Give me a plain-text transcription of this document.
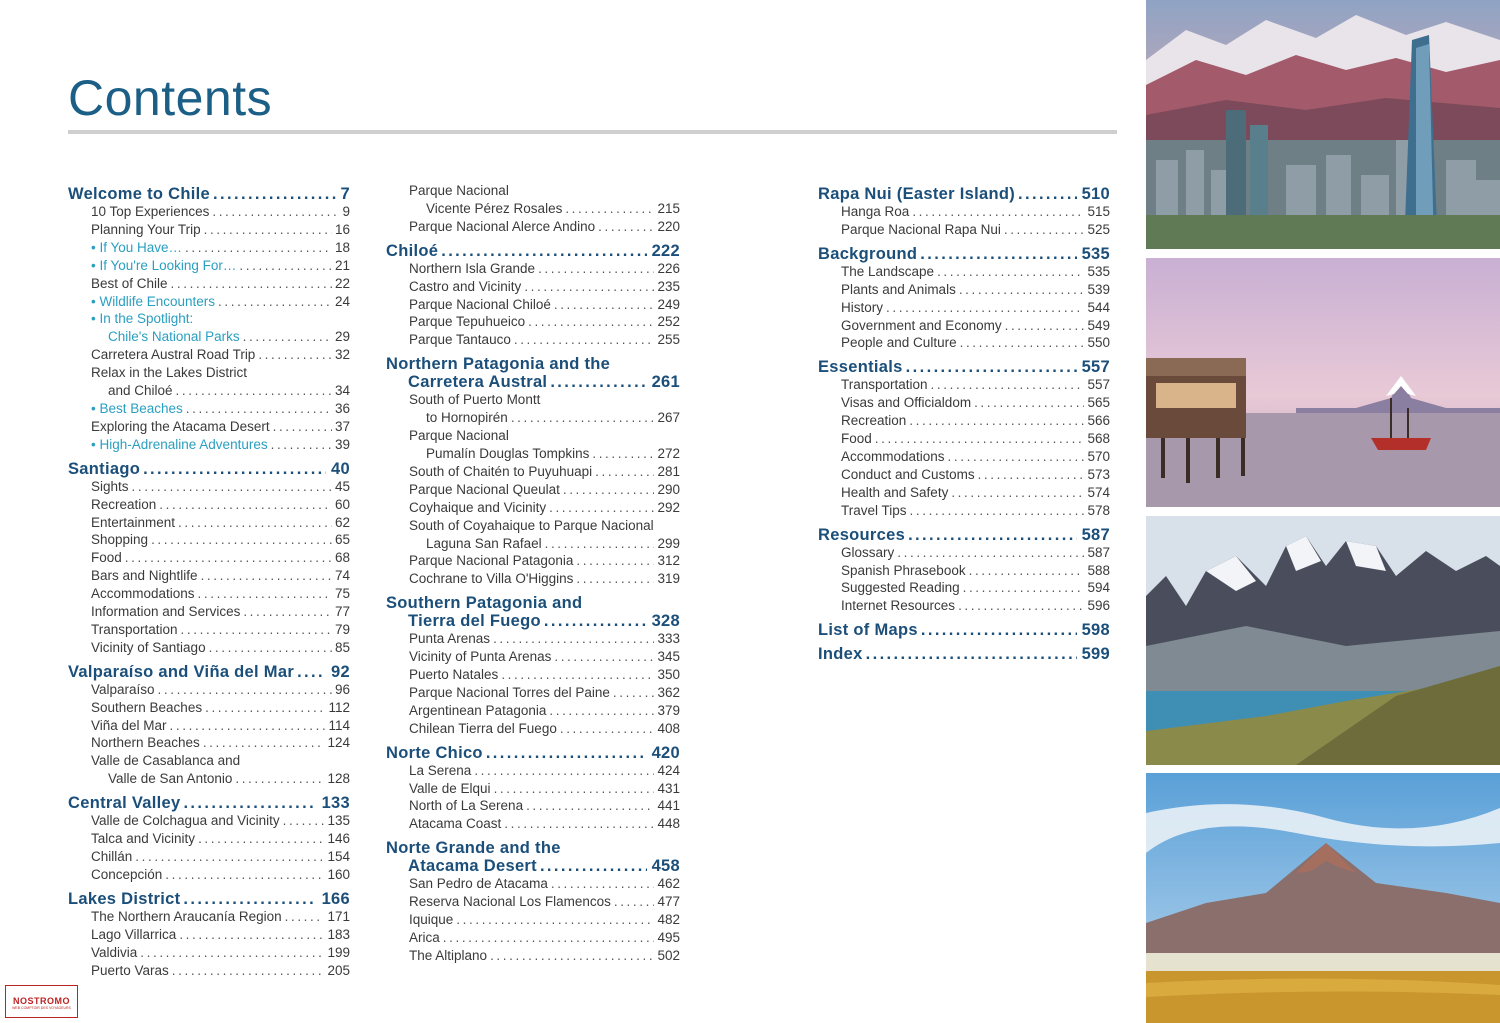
Contents
Welcome to Chile .....	7
10 Top Experiences .....	9
Planning Your Trip .....	16
• If You Have… .....	18
• If You're Looking For… .....	21
Best of Chile .....	22
• Wildlife Encounters .....	24
• In the Spotlight:
Chile's National Parks .....	29
Carretera Austral Road Trip .....	32
Relax in the Lakes District
and Chiloé .....	34
• Best Beaches .....	36
Exploring the Atacama Desert .....	37
• High-Adrenaline Adventures .....	39
Santiago .....	40
Sights .....	45
Recreation .....	60
Entertainment .....	62
Shopping .....	65
Food .....	68
Bars and Nightlife .....	74
Accommodations .....	75
Information and Services .....	77
Transportation .....	79
Vicinity of Santiago .....	85
Valparaíso and Viña del Mar ..... 92
Valparaíso .....	96
Southern Beaches .....	112
Viña del Mar .....	114
Northern Beaches .....	124
Valle de Casablanca and
Valle de San Antonio .....	128
Central Valley .....	133
Valle de Colchagua and Vicinity .....	135
Talca and Vicinity .....	146
Chillán .....	154
Concepción .....	160
Lakes District .....	166
The Northern Araucanía Region .....	171
Lago Villarrica .....	183
Valdivia .....	199
Puerto Varas .....	205
Parque Nacional
Vicente Pérez Rosales .....	215
Parque Nacional Alerce Andino .....	220
Chiloé .....	222
Northern Isla Grande .....	226
Castro and Vicinity .....	235
Parque Nacional Chiloé .....	249
Parque Tepuhueico .....	252
Parque Tantauco .....	255
Northern Patagonia and the
Carretera Austral .....	261
South of Puerto Montt
to Hornopirén .....	267
Parque Nacional
Pumalín Douglas Tompkins .....	272
South of Chaitén to Puyuhuapi .....	281
Parque Nacional Queulat .....	290
Coyhaique and Vicinity .....	292
South of Coyahaique to Parque Nacional
Laguna San Rafael .....	299
Parque Nacional Patagonia .....	312
Cochrane to Villa O'Higgins .....	319
Southern Patagonia and
Tierra del Fuego .....	328
Punta Arenas .....	333
Vicinity of Punta Arenas .....	345
Puerto Natales .....	350
Parque Nacional Torres del Paine .....	362
Argentinean Patagonia .....	379
Chilean Tierra del Fuego .....	408
Norte Chico .....	420
La Serena .....	424
Valle de Elqui .....	431
North of La Serena .....	441
Atacama Coast .....	448
Norte Grande and the
Atacama Desert .....	458
San Pedro de Atacama .....	462
Reserva Nacional Los Flamencos .....	477
Iquique .....	482
Arica .....	495
The Altiplano .....	502
Rapa Nui (Easter Island) .....	510
Hanga Roa .....	515
Parque Nacional Rapa Nui .....	525
Background .....	535
The Landscape .....	535
Plants and Animals .....	539
History .....	544
Government and Economy .....	549
People and Culture .....	550
Essentials .....	557
Transportation .....	557
Visas and Officialdom .....	565
Recreation .....	566
Food .....	568
Accommodations .....	570
Conduct and Customs .....	573
Health and Safety .....	574
Travel Tips .....	578
Resources .....	587
Glossary .....	587
Spanish Phrasebook .....	588
Suggested Reading .....	594
Internet Resources .....	596
List of Maps .....	598
Index .....	599
NOSTROMO
WEB COMPTOIR DES VOYAGEURS
